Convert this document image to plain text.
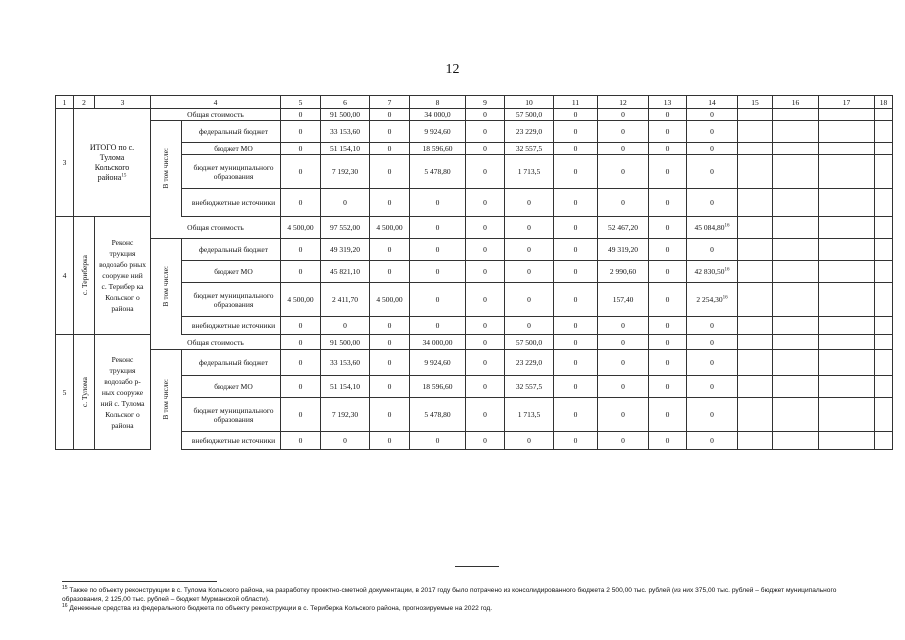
12
1	2	3	4	5	6	7	8	9	10	11	12	13	14	15	16	17	18
3	ИТОГО по с. Тулома Кольского района$^{15}$		Общая стоимость	0	91 500,00	0	34 000,0	0	57 500,0	0	0	0	0				
			федеральный бюджет	0	33 153,60	0	9 924,60	0	23 229,0	0	0	0	0				
			бюджет МО	0	51 154,10	0	18 596,60	0	32 557,5	0	0	0	0				
			бюджет муниципального образования	0	7 192,30	0	5 478,80	0	1 713,5	0	0	0	0				
			внебюджетные источники	0	0	0	0	0	0	0	0	0	0				
4	с. Териберка	Реконс трукция водозабо рных сооруже ний с. Терибер ка Кольског о района	Общая стоимость	4 500,00	97 552,00	4 500,00	0	0	0	0	52 467,20	0	45 084,80$^{16}$				
			федеральный бюджет	0	49 319,20	0	0	0	0	0	49 319,20	0	0				
			бюджет МО	0	45 821,10	0	0	0	0	0	2 990,60	0	42 830,50$^{16}$				
			бюджет муниципального образования	4 500,00	2 411,70	4 500,00	0	0	0	0	157,40	0	2 254,30$^{16}$				
			внебюджетные источники	0	0	0	0	0	0	0	0	0	0				
5	с. Тулома	Реконс трукция водозабо р-ных сооруже ний с. Тулома Кольског о района	Общая стоимость	0	91 500,00	0	34 000,00	0	57 500,0	0	0	0	0				
			федеральный бюджет	0	33 153,60	0	9 924,60	0	23 229,0	0	0	0	0				
			бюджет МО	0	51 154,10	0	18 596,60	0	32 557,5	0	0	0	0				
			бюджет муниципального образования	0	7 192,30	0	5 478,80	0	1 713,5	0	0	0	0				
			внебюджетные источники	0	0	0	0	0	0	0	0	0	0				

$^{15}$ Также по объекту реконструкции в с. Тулома Кольского района, на разработку проектно-сметной документации, в 2017 году было потрачено из консолидированного бюджета 2 500,00 тыс. рублей (из них 375,00 тыс. рублей – бюджет муниципального образования, 2 125,00 тыс. рублей – бюджет Мурманской области).

$^{16}$ Денежные средства из федерального бюджета по объекту реконструкции в с. Териберка Кольского района, прогнозируемые на 2022 год.

В том числе:
В том числе:
В том числе:
